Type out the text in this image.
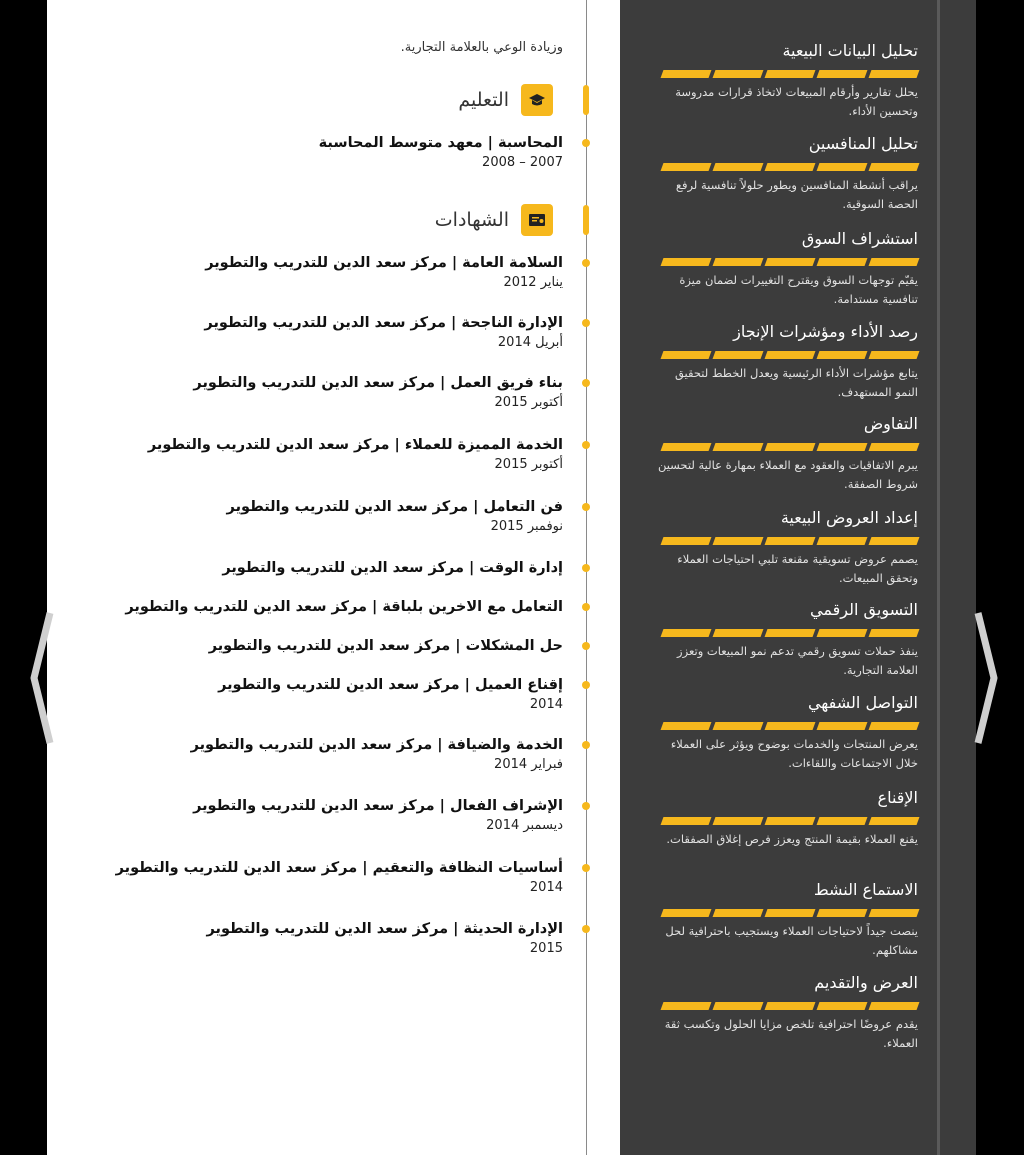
وزيادة الوعي بالعلامة التجارية.
التعليم
المحاسبة | معهد متوسط المحاسبة
2007 – 2008
الشهادات
السلامة العامة | مركز سعد الدين للتدريب والتطوير
يناير 2012
الإدارة الناجحة | مركز سعد الدين للتدريب والتطوير
أبريل 2014
بناء فريق العمل | مركز سعد الدين للتدريب والتطوير
أكتوبر 2015
الخدمة المميزة للعملاء | مركز سعد الدين للتدريب والتطوير
أكتوبر 2015
فن التعامل | مركز سعد الدين للتدريب والتطوير
نوفمبر 2015
إدارة الوقت | مركز سعد الدين للتدريب والتطوير
التعامل مع الاخرين بلباقة | مركز سعد الدين للتدريب والتطوير
حل المشكلات | مركز سعد الدين للتدريب والتطوير
إقناع العميل | مركز سعد الدين للتدريب والتطوير
2014
الخدمة والضيافة | مركز سعد الدين للتدريب والتطوير
فبراير 2014
الإشراف الفعال | مركز سعد الدين للتدريب والتطوير
ديسمبر 2014
أساسيات النظافة والتعقيم | مركز سعد الدين للتدريب والتطوير
2014
الإدارة الحديثة | مركز سعد الدين للتدريب والتطوير
2015
تحليل البيانات البيعية
يحلل تقارير وأرقام المبيعات لاتخاذ قرارات مدروسة وتحسين الأداء.
تحليل المنافسين
يراقب أنشطة المنافسين ويطور حلولاً تنافسية لرفع الحصة السوقية.
استشراف السوق
يقيّم توجهات السوق ويقترح التغييرات لضمان ميزة تنافسية مستدامة.
رصد الأداء ومؤشرات الإنجاز
يتابع مؤشرات الأداء الرئيسية ويعدل الخطط لتحقيق النمو المستهدف.
التفاوض
يبرم الاتفاقيات والعقود مع العملاء بمهارة عالية لتحسين شروط الصفقة.
إعداد العروض البيعية
يصمم عروض تسويقية مقنعة تلبي احتياجات العملاء وتحقق المبيعات.
التسويق الرقمي
ينفذ حملات تسويق رقمي تدعم نمو المبيعات وتعزز العلامة التجارية.
التواصل الشفهي
يعرض المنتجات والخدمات بوضوح ويؤثر على العملاء خلال الاجتماعات واللقاءات.
الإقناع
يقنع العملاء بقيمة المنتج ويعزز فرص إغلاق الصفقات.
الاستماع النشط
ينصت جيداً لاحتياجات العملاء ويستجيب باحترافية لحل مشاكلهم.
العرض والتقديم
يقدم عروضًا احترافية تلخص مزايا الحلول وتكسب ثقة العملاء.
